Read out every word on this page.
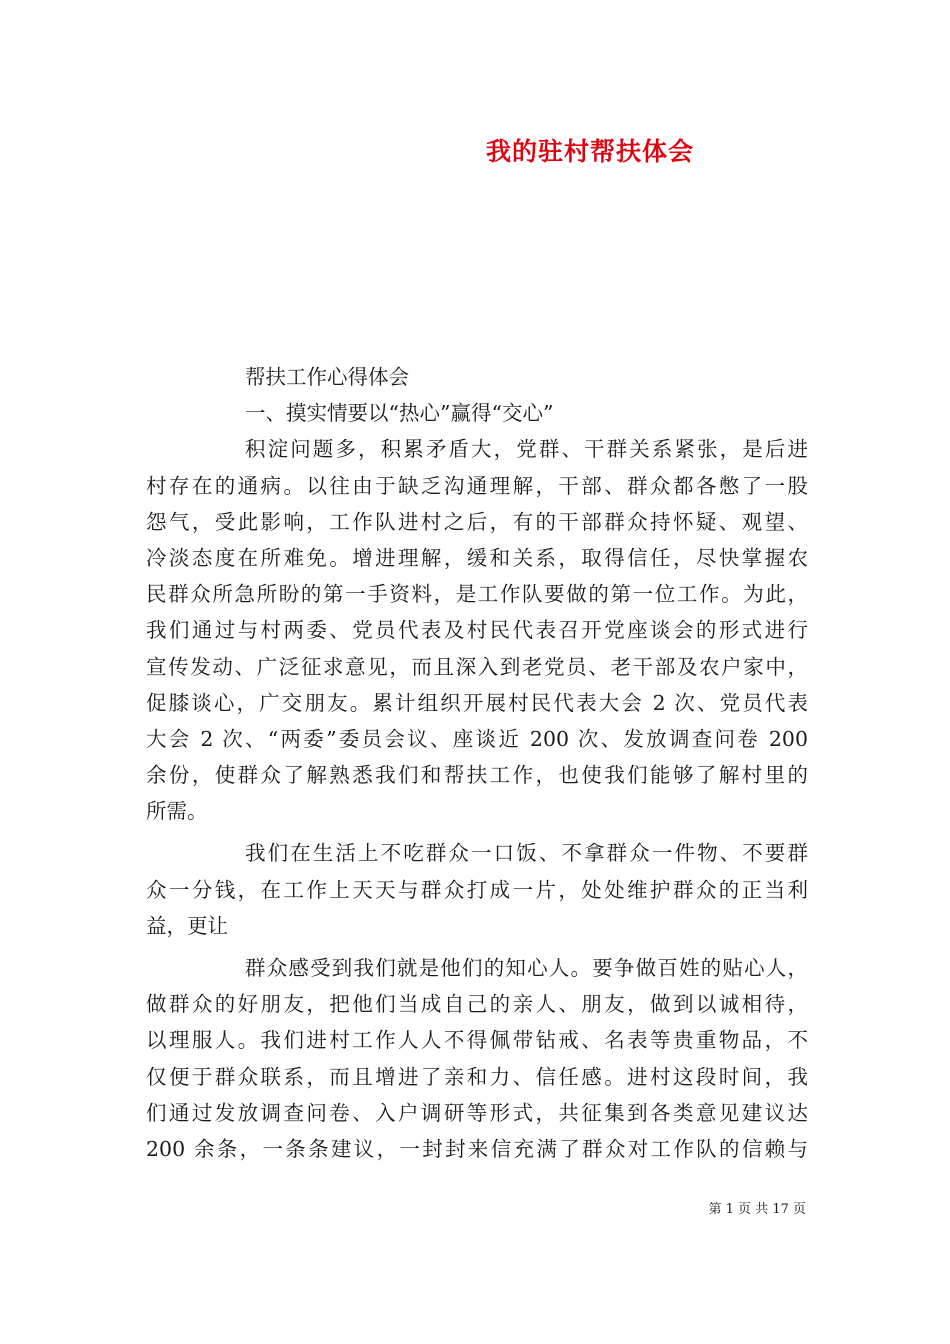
我的驻村帮扶体会
帮扶工作心得体会
一、摸实情要以“热心”赢得“交心”
积淀问题多，积累矛盾大，党群、干群关系紧张，是后进
村存在的通病。以往由于缺乏沟通理解，干部、群众都各憋了一股
怨气，受此影响，工作队进村之后，有的干部群众持怀疑、观望、
冷淡态度在所难免。增进理解，缓和关系，取得信任，尽快掌握农
民群众所急所盼的第一手资料，是工作队要做的第一位工作。为此，
我们通过与村两委、党员代表及村民代表召开党座谈会的形式进行
宣传发动、广泛征求意见，而且深入到老党员、老干部及农户家中，
促膝谈心，广交朋友。累计组织开展村民代表大会 2 次、党员代表
大会 2 次、“两委”委员会议、座谈近 200 次、发放调查问卷 200
余份，使群众了解熟悉我们和帮扶工作，也使我们能够了解村里的
所需。
我们在生活上不吃群众一口饭、不拿群众一件物、不要群
众一分钱，在工作上天天与群众打成一片，处处维护群众的正当利
益，更让
群众感受到我们就是他们的知心人。要争做百姓的贴心人，
做群众的好朋友，把他们当成自己的亲人、朋友，做到以诚相待，
以理服人。我们进村工作人人不得佩带钻戒、名表等贵重物品，不
仅便于群众联系，而且增进了亲和力、信任感。进村这段时间，我
们通过发放调查问卷、入户调研等形式，共征集到各类意见建议达
200 余条，一条条建议，一封封来信充满了群众对工作队的信赖与
第 1 页 共 17 页
